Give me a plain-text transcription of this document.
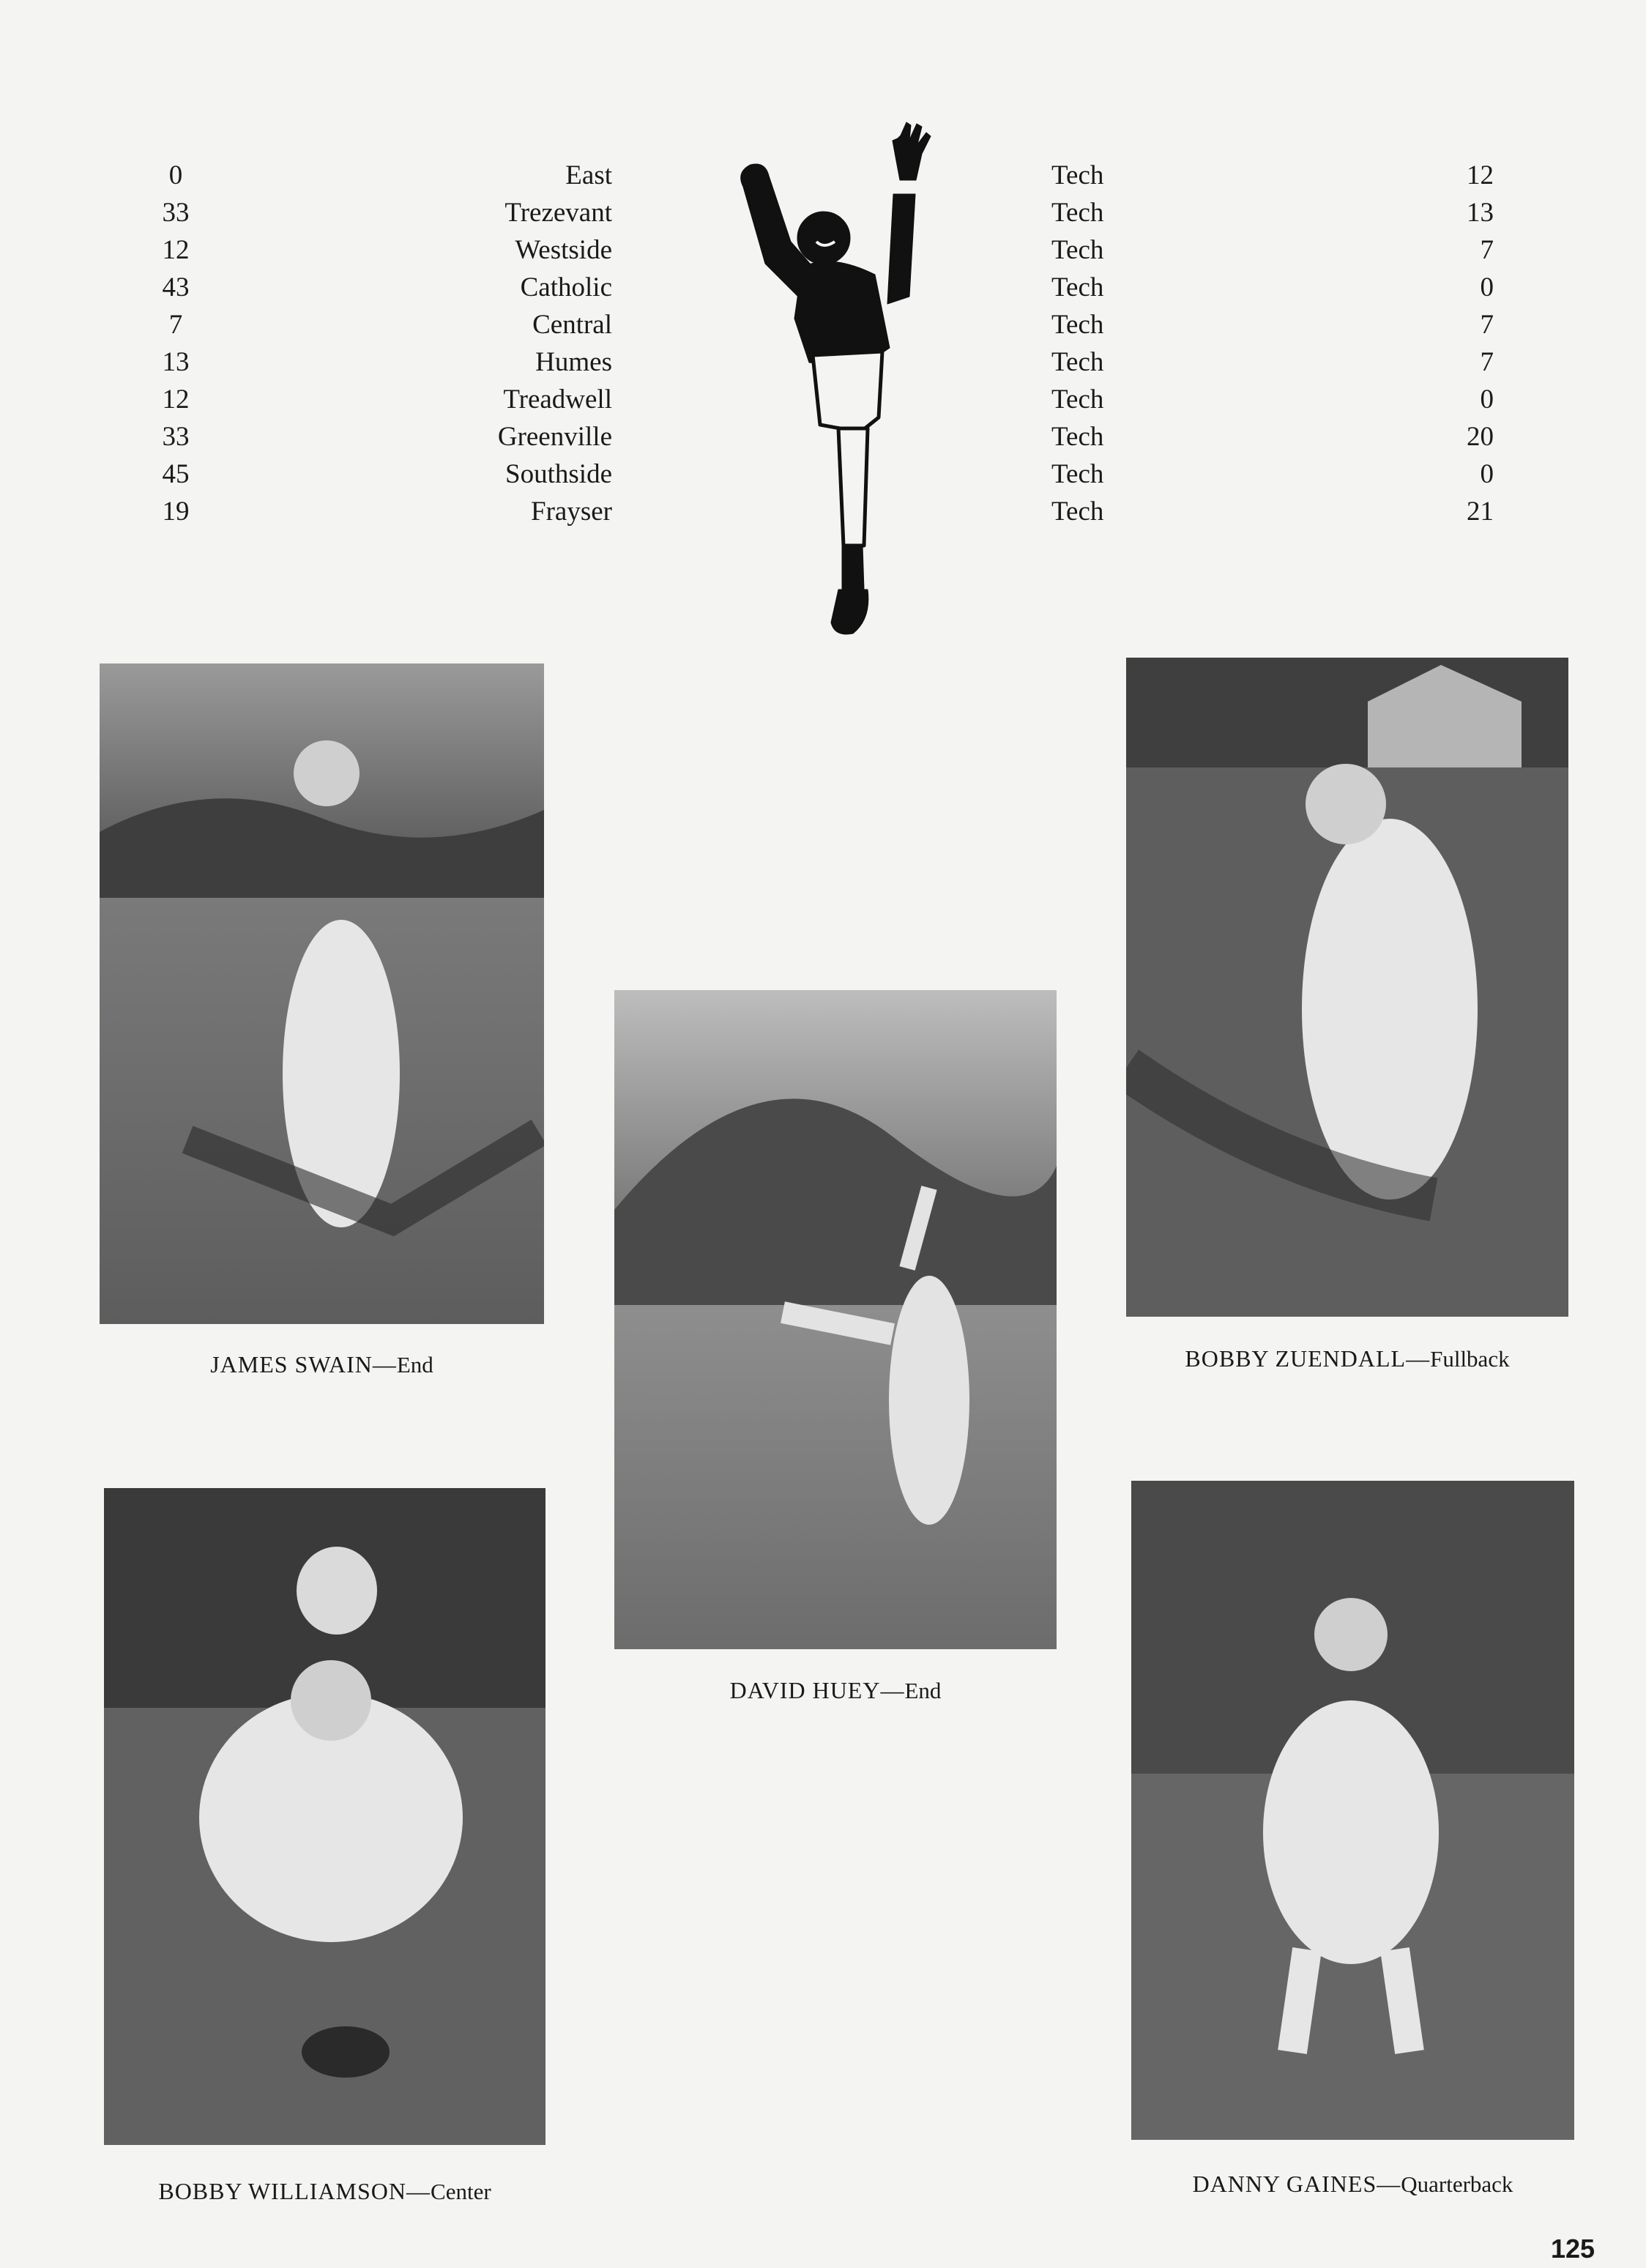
0	East	Tech	12
33	Trezevant	Tech	13
12	Westside	Tech	7
43	Catholic	Tech	0
7	Central	Tech	7
13	Humes	Tech	7
12	Treadwell	Tech	0
33	Greenville	Tech	20
45	Southside	Tech	0
19	Frayser	Tech	21
JAMES SWAIN—End
DAVID HUEY—End
BOBBY ZUENDALL—Fullback
BOBBY WILLIAMSON—Center	DANNY GAINES—Quarterback
125
